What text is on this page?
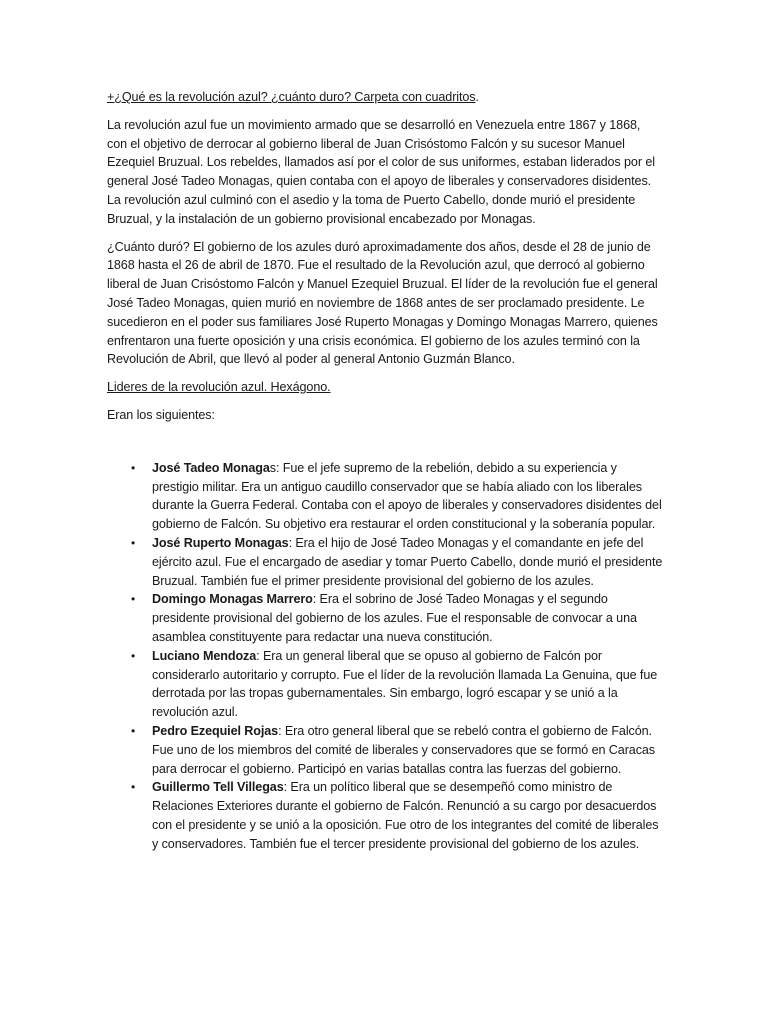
+¿Qué es la revolución azul? ¿cuánto duro? Carpeta con cuadritos.

La revolución azul fue un movimiento armado que se desarrolló en Venezuela entre 1867 y 1868, con el objetivo de derrocar al gobierno liberal de Juan Crisóstomo Falcón y su sucesor Manuel Ezequiel Bruzual. Los rebeldes, llamados así por el color de sus uniformes, estaban liderados por el general José Tadeo Monagas, quien contaba con el apoyo de liberales y conservadores disidentes. La revolución azul culminó con el asedio y la toma de Puerto Cabello, donde murió el presidente Bruzual, y la instalación de un gobierno provisional encabezado por Monagas.

¿Cuánto duró? El gobierno de los azules duró aproximadamente dos años, desde el 28 de junio de 1868 hasta el 26 de abril de 1870. Fue el resultado de la Revolución azul, que derrocó al gobierno liberal de Juan Crisóstomo Falcón y Manuel Ezequiel Bruzual. El líder de la revolución fue el general José Tadeo Monagas, quien murió en noviembre de 1868 antes de ser proclamado presidente. Le sucedieron en el poder sus familiares José Ruperto Monagas y Domingo Monagas Marrero, quienes enfrentaron una fuerte oposición y una crisis económica. El gobierno de los azules terminó con la Revolución de Abril, que llevó al poder al general Antonio Guzmán Blanco.

Lideres de la revolución azul. Hexágono.

Eran los siguientes:

• José Tadeo Monagas: Fue el jefe supremo de la rebelión, debido a su experiencia y prestigio militar. Era un antiguo caudillo conservador que se había aliado con los liberales durante la Guerra Federal. Contaba con el apoyo de liberales y conservadores disidentes del gobierno de Falcón. Su objetivo era restaurar el orden constitucional y la soberanía popular.
• José Ruperto Monagas: Era el hijo de José Tadeo Monagas y el comandante en jefe del ejército azul. Fue el encargado de asediar y tomar Puerto Cabello, donde murió el presidente Bruzual. También fue el primer presidente provisional del gobierno de los azules.
• Domingo Monagas Marrero: Era el sobrino de José Tadeo Monagas y el segundo presidente provisional del gobierno de los azules. Fue el responsable de convocar a una asamblea constituyente para redactar una nueva constitución.
• Luciano Mendoza: Era un general liberal que se opuso al gobierno de Falcón por considerarlo autoritario y corrupto. Fue el líder de la revolución llamada La Genuina, que fue derrotada por las tropas gubernamentales. Sin embargo, logró escapar y se unió a la revolución azul.
• Pedro Ezequiel Rojas: Era otro general liberal que se rebeló contra el gobierno de Falcón. Fue uno de los miembros del comité de liberales y conservadores que se formó en Caracas para derrocar el gobierno. Participó en varias batallas contra las fuerzas del gobierno.
• Guillermo Tell Villegas: Era un político liberal que se desempeñó como ministro de Relaciones Exteriores durante el gobierno de Falcón. Renunció a su cargo por desacuerdos con el presidente y se unió a la oposición. Fue otro de los integrantes del comité de liberales y conservadores. También fue el tercer presidente provisional del gobierno de los azules.
